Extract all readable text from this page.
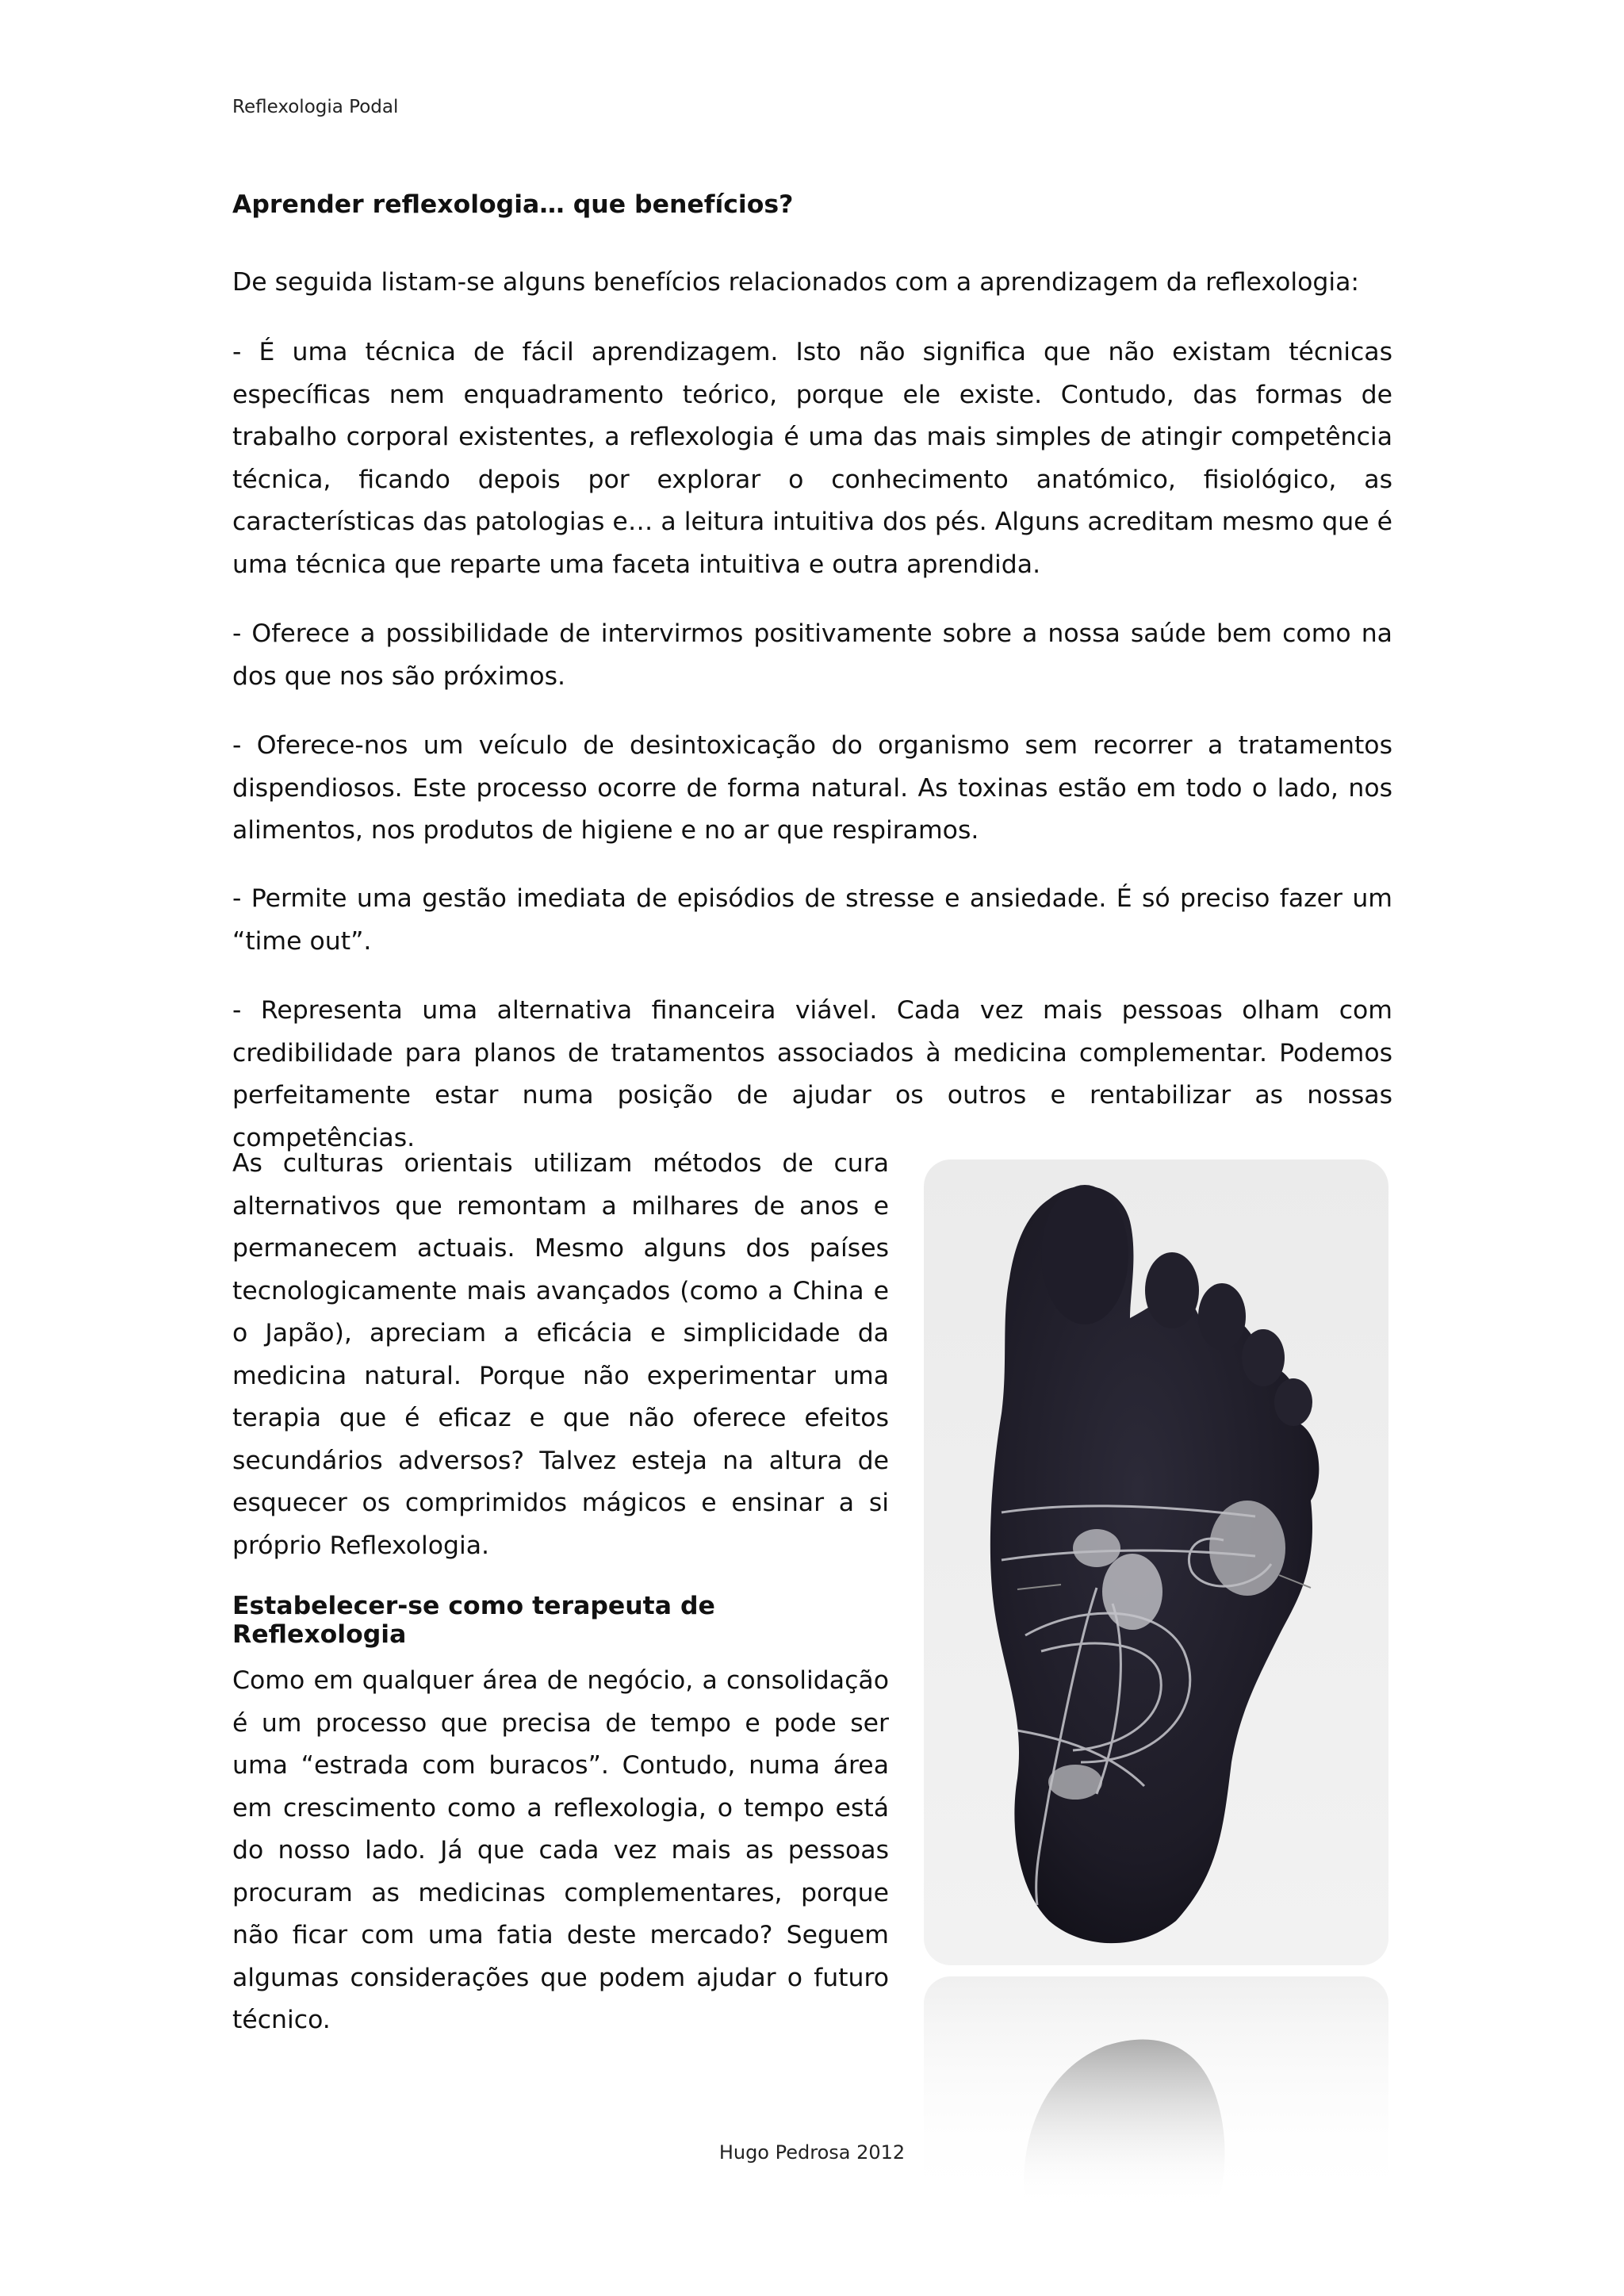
Reflexologia Podal
Aprender reflexologia… que benefícios?

De seguida listam-se alguns benefícios relacionados com a aprendizagem da reflexologia:

- É uma técnica de fácil aprendizagem. Isto não significa que não existam técnicas específicas nem enquadramento teórico, porque ele existe. Contudo, das formas de trabalho corporal existentes, a reflexologia é uma das mais simples de atingir competência técnica, ficando depois por explorar o conhecimento anatómico, fisiológico, as características das patologias e… a leitura intuitiva dos pés. Alguns acreditam mesmo que é uma técnica que reparte uma faceta intuitiva e outra aprendida.

- Oferece a possibilidade de intervirmos positivamente sobre a nossa saúde bem como na dos que nos são próximos.

- Oferece-nos um veículo de desintoxicação do organismo sem recorrer a tratamentos dispendiosos. Este processo ocorre de forma natural. As toxinas estão em todo o lado, nos alimentos, nos produtos de higiene e no ar que respiramos.

- Permite uma gestão imediata de episódios de stresse e ansiedade. É só preciso fazer um “time out”.

- Representa uma alternativa financeira viável. Cada vez mais pessoas olham com credibilidade para planos de tratamentos associados à medicina complementar. Podemos perfeitamente estar numa posição de ajudar os outros e rentabilizar as nossas competências.

As culturas orientais utilizam métodos de cura alternativos que remontam a milhares de anos e permanecem actuais. Mesmo alguns dos países tecnologicamente mais avançados (como a China e o Japão), apreciam a eficácia e simplicidade da medicina natural. Porque não experimentar uma terapia que é eficaz e que não oferece efeitos secundários adversos? Talvez esteja na altura de esquecer os comprimidos mágicos e ensinar a si próprio Reflexologia.

Estabelecer-se como terapeuta de Reflexologia

Como em qualquer área de negócio, a consolidação é um processo que precisa de tempo e pode ser uma “estrada com buracos”. Contudo, numa área em crescimento como a reflexologia, o tempo está do nosso lado. Já que cada vez mais as pessoas procuram as medicinas complementares, porque não ficar com uma fatia deste mercado? Seguem algumas considerações que podem ajudar o futuro técnico.

Hugo Pedrosa 2012
